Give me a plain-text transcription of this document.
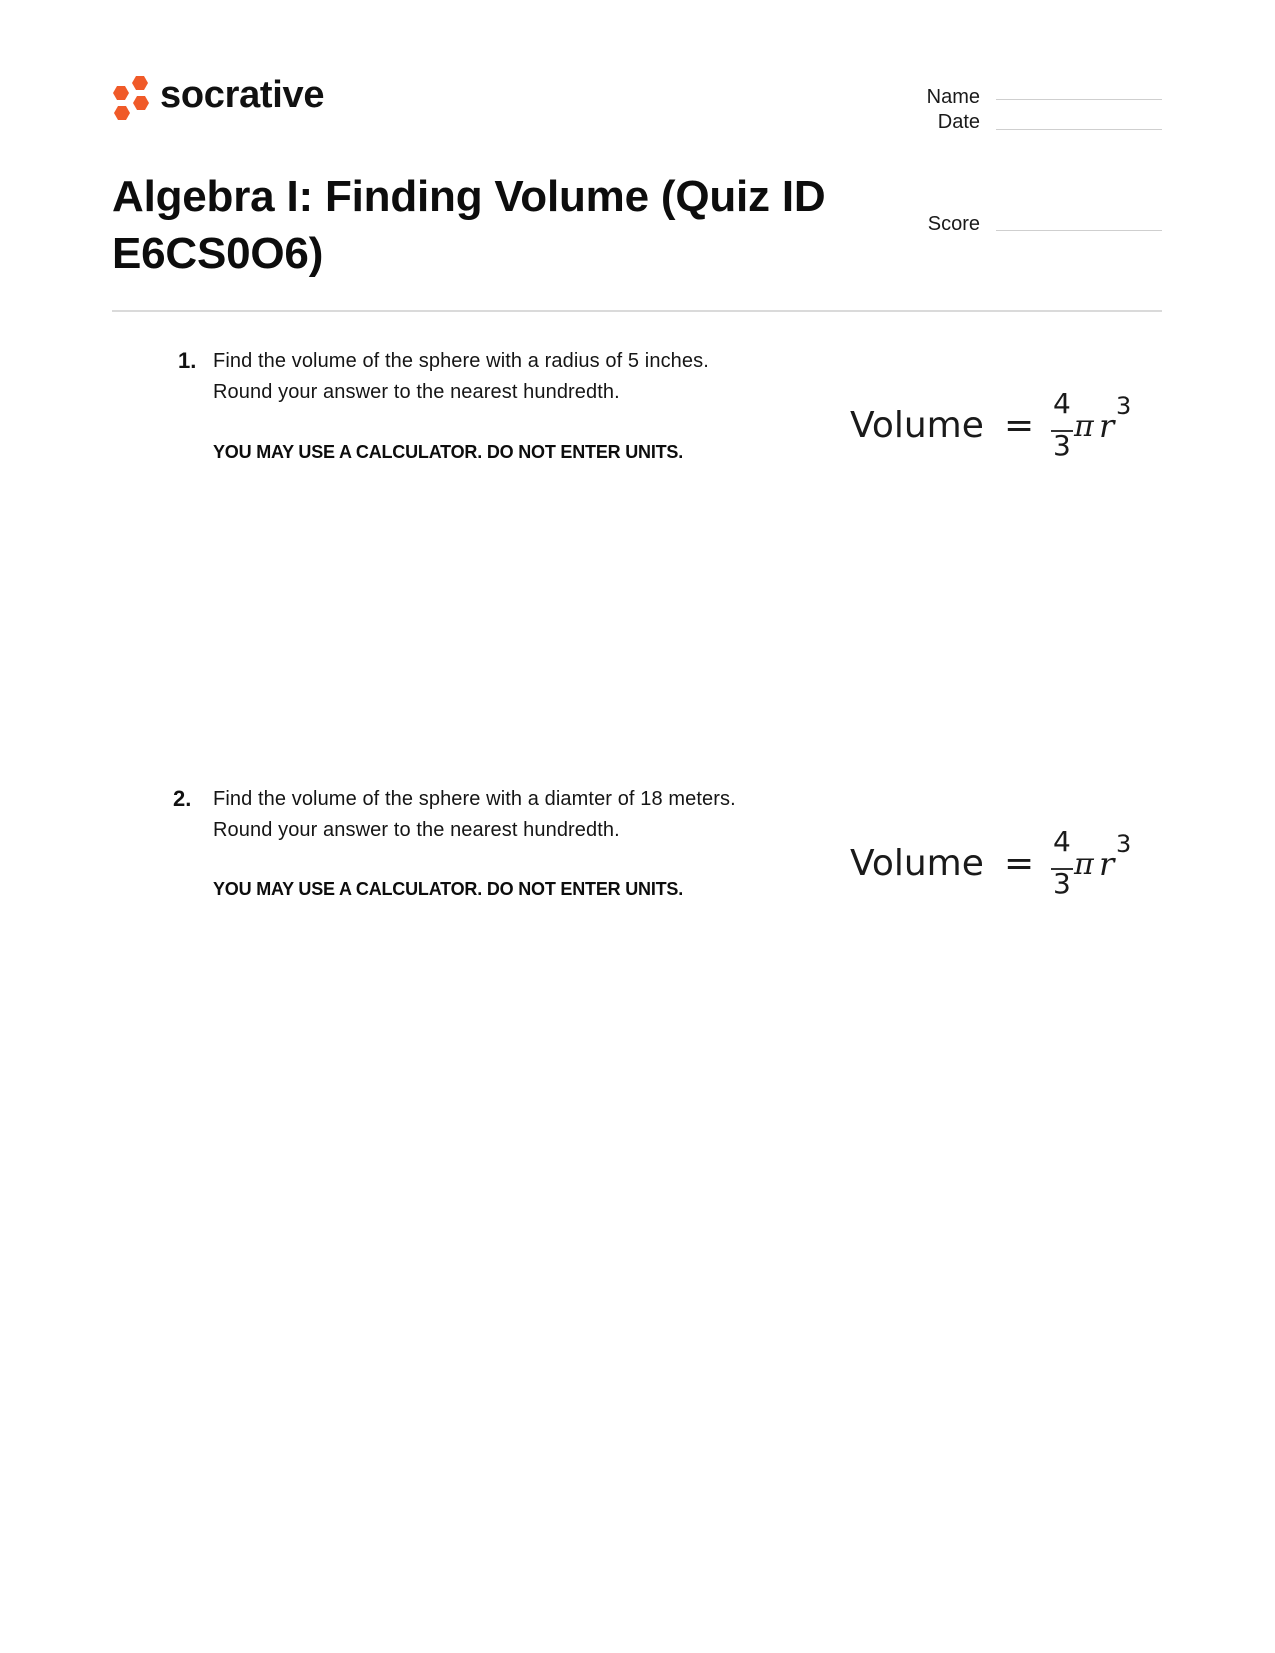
socrative	Name
Date
Score
Algebra I: Finding Volume (Quiz ID E6CS0O6)
1. Find the volume of the sphere with a radius of 5 inches.
Round your answer to the nearest hundredth.
YOU MAY USE A CALCULATOR. DO NOT ENTER UNITS.
Volume =
4
3
π r
3
2. Find the volume of the sphere with a diamter of 18 meters.
Round your answer to the nearest hundredth.
YOU MAY USE A CALCULATOR. DO NOT ENTER UNITS.
Volume =
4
3
π r
3
